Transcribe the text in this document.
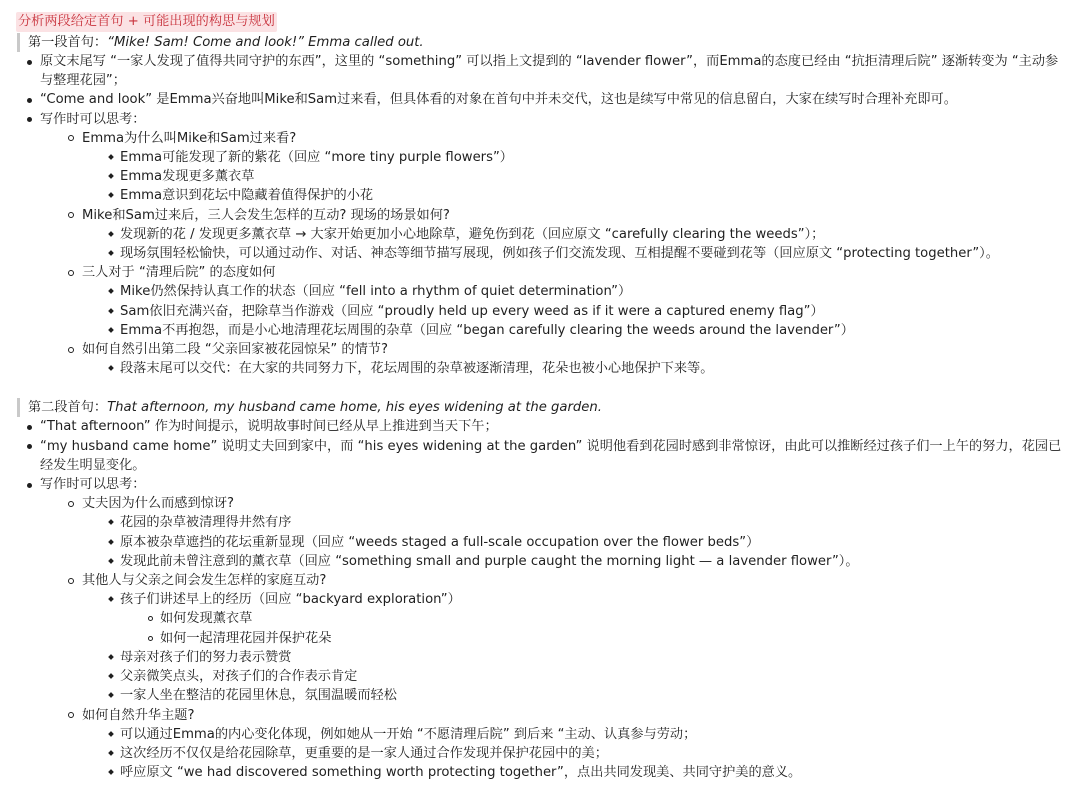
分析两段给定首句 + 可能出现的构思与规划
第一段首句：“Mike! Sam! Come and look!” Emma called out.
原文末尾写 “一家人发现了值得共同守护的东西”，这里的 “something” 可以指上文提到的 “lavender flower”，而Emma的态度已经由 “抗拒清理后院” 逐渐转变为 “主动参与整理花园”；
“Come and look” 是Emma兴奋地叫Mike和Sam过来看，但具体看的对象在首句中并未交代，这也是续写中常见的信息留白，大家在续写时合理补充即可。
写作时可以思考：
Emma为什么叫Mike和Sam过来看?
Emma可能发现了新的紫花（回应 “more tiny purple flowers”）
Emma发现更多薰衣草
Emma意识到花坛中隐藏着值得保护的小花
Mike和Sam过来后，三人会发生怎样的互动? 现场的场景如何?
发现新的花 / 发现更多薰衣草 → 大家开始更加小心地除草，避免伤到花（回应原文 “carefully clearing the weeds”）；
现场氛围轻松愉快，可以通过动作、对话、神态等细节描写展现，例如孩子们交流发现、互相提醒不要碰到花等（回应原文 “protecting together”）。
三人对于 “清理后院” 的态度如何
Mike仍然保持认真工作的状态（回应 “fell into a rhythm of quiet determination”）
Sam依旧充满兴奋，把除草当作游戏（回应 “proudly held up every weed as if it were a captured enemy flag”）
Emma不再抱怨，而是小心地清理花坛周围的杂草（回应 “began carefully clearing the weeds around the lavender”）
如何自然引出第二段 “父亲回家被花园惊呆” 的情节?
段落末尾可以交代：在大家的共同努力下，花坛周围的杂草被逐渐清理，花朵也被小心地保护下来等。
第二段首句：That afternoon, my husband came home, his eyes widening at the garden.
“That afternoon” 作为时间提示，说明故事时间已经从早上推进到当天下午；
“my husband came home” 说明丈夫回到家中，而 “his eyes widening at the garden” 说明他看到花园时感到非常惊讶，由此可以推断经过孩子们一上午的努力，花园已经发生明显变化。
写作时可以思考：
丈夫因为什么而感到惊讶?
花园的杂草被清理得井然有序
原本被杂草遮挡的花坛重新显现（回应 “weeds staged a full-scale occupation over the flower beds”）
发现此前未曾注意到的薰衣草（回应 “something small and purple caught the morning light — a lavender flower”）。
其他人与父亲之间会发生怎样的家庭互动?
孩子们讲述早上的经历（回应 “backyard exploration”）
如何发现薰衣草
如何一起清理花园并保护花朵
母亲对孩子们的努力表示赞赏
父亲微笑点头，对孩子们的合作表示肯定
一家人坐在整洁的花园里休息，氛围温暖而轻松
如何自然升华主题?
可以通过Emma的内心变化体现，例如她从一开始 “不愿清理后院” 到后来 “主动、认真参与劳动；
这次经历不仅仅是给花园除草，更重要的是一家人通过合作发现并保护花园中的美；
呼应原文 “we had discovered something worth protecting together”，点出共同发现美、共同守护美的意义。
